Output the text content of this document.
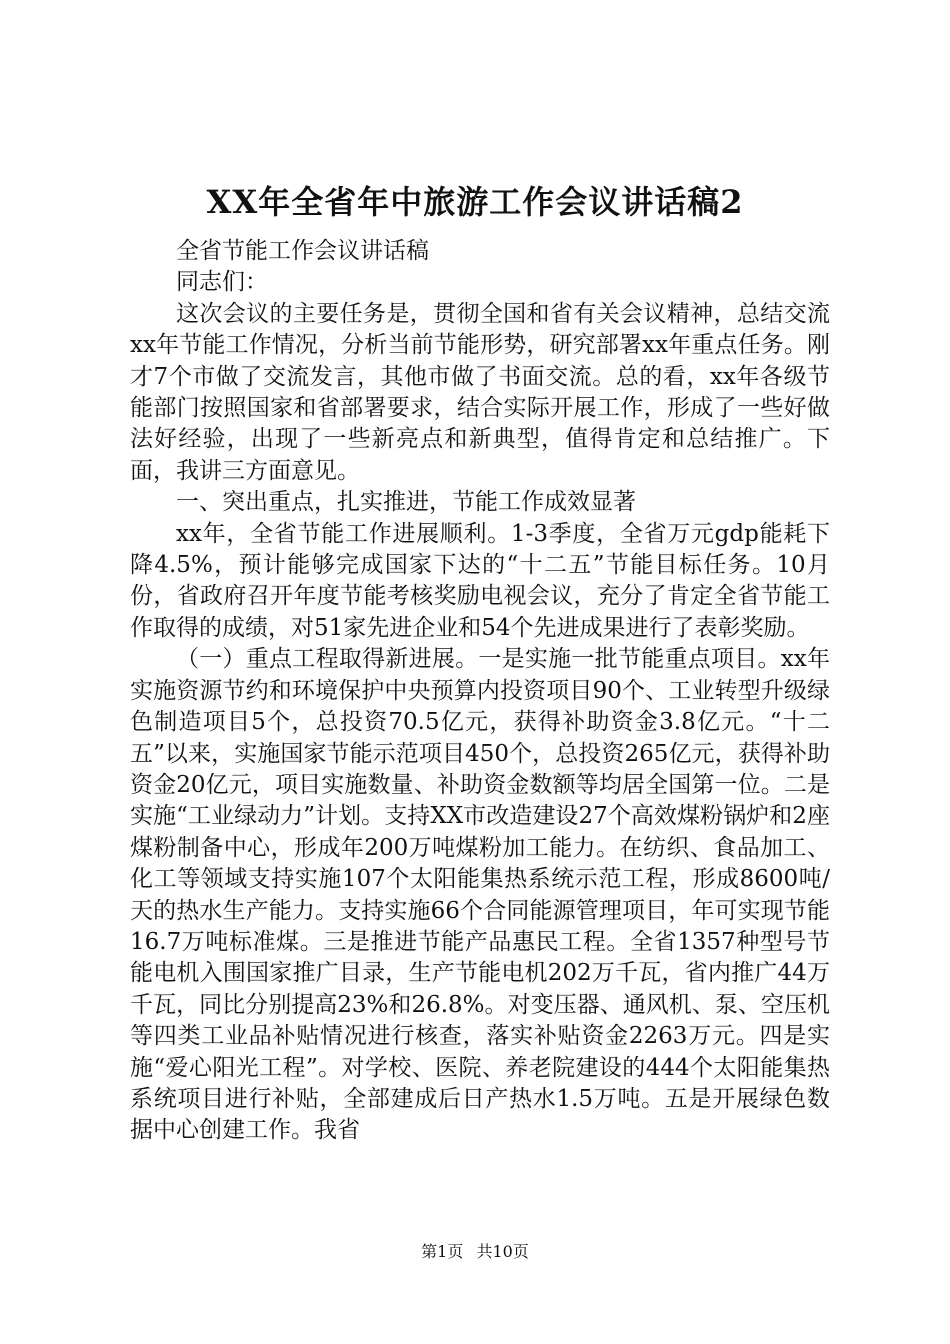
XX年全省年中旅游工作会议讲话稿2

全省节能工作会议讲话稿

同志们：

这次会议的主要任务是，贯彻全国和省有关会议精神，总结交流xx年节能工作情况，分析当前节能形势，研究部署xx年重点任务。刚才7个市做了交流发言，其他市做了书面交流。总的看，xx年各级节能部门按照国家和省部署要求，结合实际开展工作，形成了一些好做法好经验，出现了一些新亮点和新典型，值得肯定和总结推广。下面，我讲三方面意见。

一、突出重点，扎实推进，节能工作成效显著

xx年，全省节能工作进展顺利。1-3季度，全省万元gdp能耗下降4.5%，预计能够完成国家下达的“十二五”节能目标任务。10月份，省政府召开年度节能考核奖励电视会议，充分了肯定全省节能工作取得的成绩，对51家先进企业和54个先进成果进行了表彰奖励。

（一）重点工程取得新进展。一是实施一批节能重点项目。xx年实施资源节约和环境保护中央预算内投资项目90个、工业转型升级绿色制造项目5个，总投资70.5亿元，获得补助资金3.8亿元。“十二五”以来，实施国家节能示范项目450个，总投资265亿元，获得补助资金20亿元，项目实施数量、补助资金数额等均居全国第一位。二是实施“工业绿动力”计划。支持XX市改造建设27个高效煤粉锅炉和2座煤粉制备中心，形成年200万吨煤粉加工能力。在纺织、食品加工、化工等领域支持实施107个太阳能集热系统示范工程，形成8600吨/天的热水生产能力。支持实施66个合同能源管理项目，年可实现节能16.7万吨标准煤。三是推进节能产品惠民工程。全省1357种型号节能电机入围国家推广目录，生产节能电机202万千瓦，省内推广44万千瓦，同比分别提高23%和26.8%。对变压器、通风机、泵、空压机等四类工业品补贴情况进行核查，落实补贴资金2263万元。四是实施“爱心阳光工程”。对学校、医院、养老院建设的444个太阳能集热系统项目进行补贴，全部建成后日产热水1.5万吨。五是开展绿色数据中心创建工作。我省

第1页 共10页
